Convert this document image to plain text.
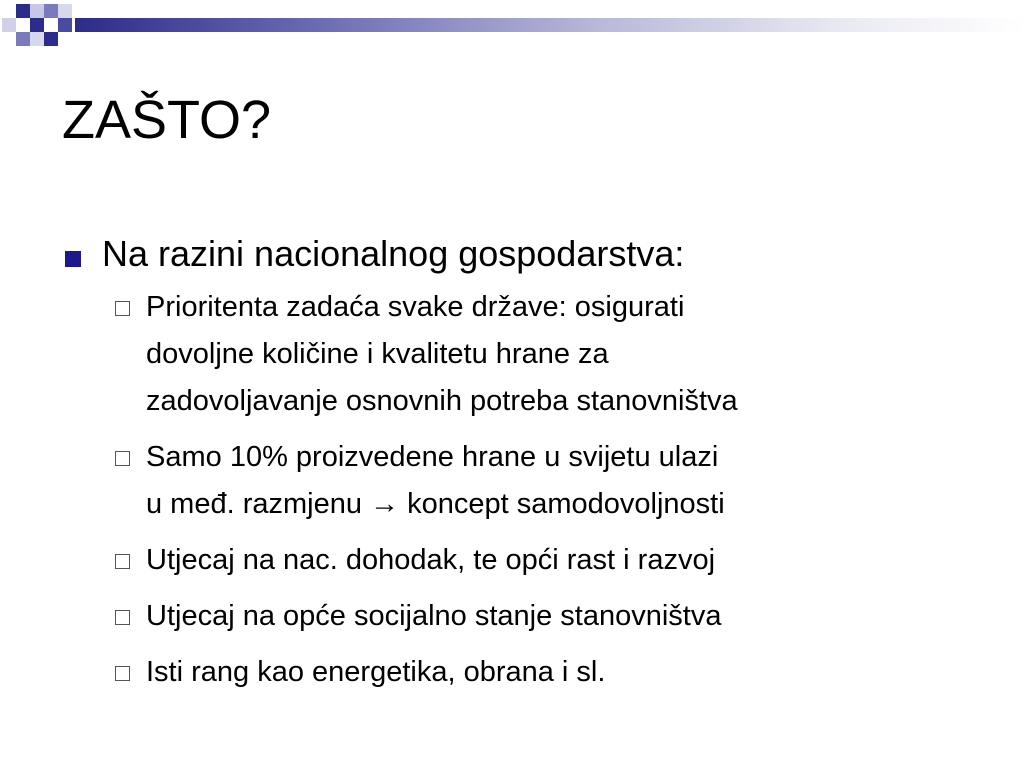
ZAŠTO?
Na razini nacionalnog gospodarstva:
Prioritenta zadaća svake države: osigurati
dovoljne količine i kvalitetu hrane za
zadovoljavanje osnovnih potreba stanovništva
Samo 10% proizvedene hrane u svijetu ulazi
u međ. razmjenu → koncept samodovoljnosti
Utjecaj na nac. dohodak, te opći rast i razvoj
Utjecaj na opće socijalno stanje stanovništva
Isti rang kao energetika, obrana i sl.
